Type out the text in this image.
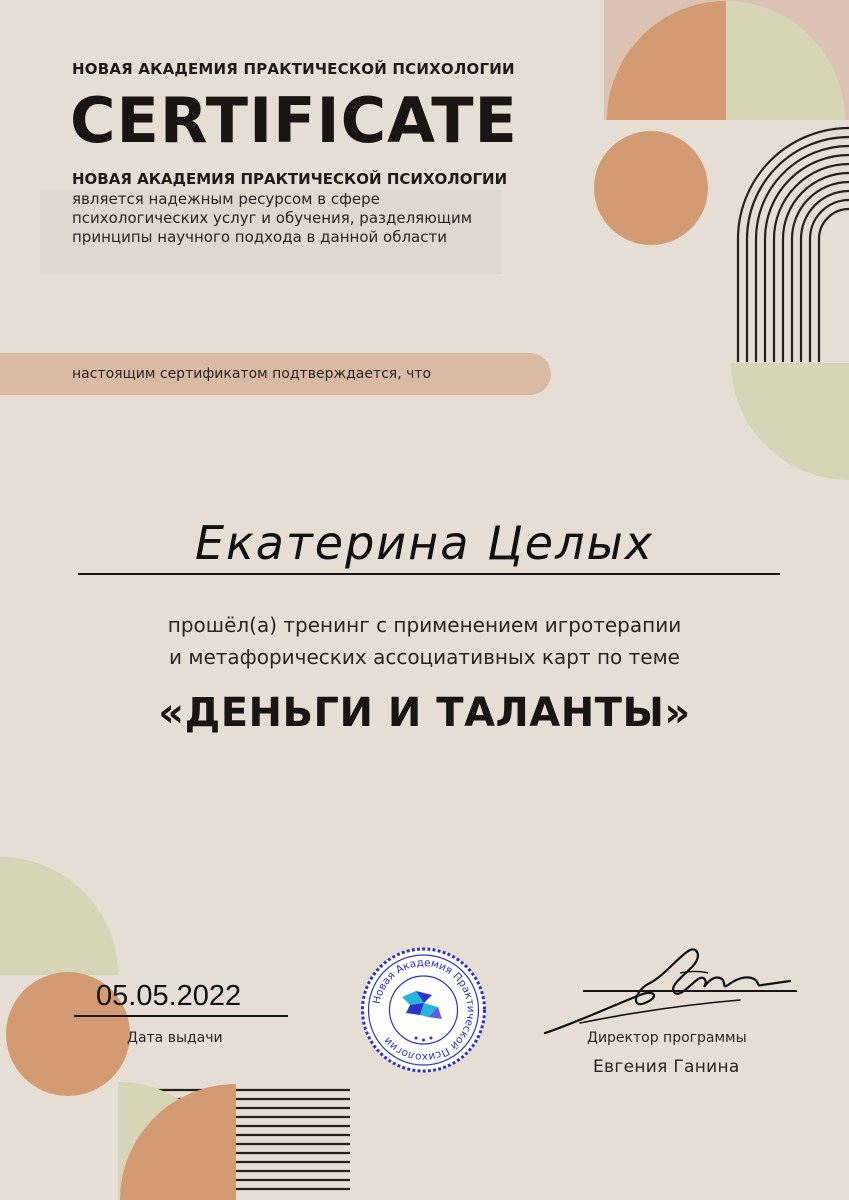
НОВАЯ АКАДЕМИЯ ПРАКТИЧЕСКОЙ ПСИХОЛОГИИ
CERTIFICATE
НОВАЯ АКАДЕМИЯ ПРАКТИЧЕСКОЙ ПСИХОЛОГИИ
является надежным ресурсом в сфере психологических услуг и обучения, разделяющим принципы научного подхода в данной области
настоящим сертификатом подтверждается, что
Екатерина Целых
прошёл(а) тренинг с применением игротерапии
и метафорических ассоциативных карт по теме
«ДЕНЬГИ И ТАЛАНТЫ»
05.05.2022
Дата выдачи
Новая Академия Практической Психологии	Директор программы
Евгения Ганина
